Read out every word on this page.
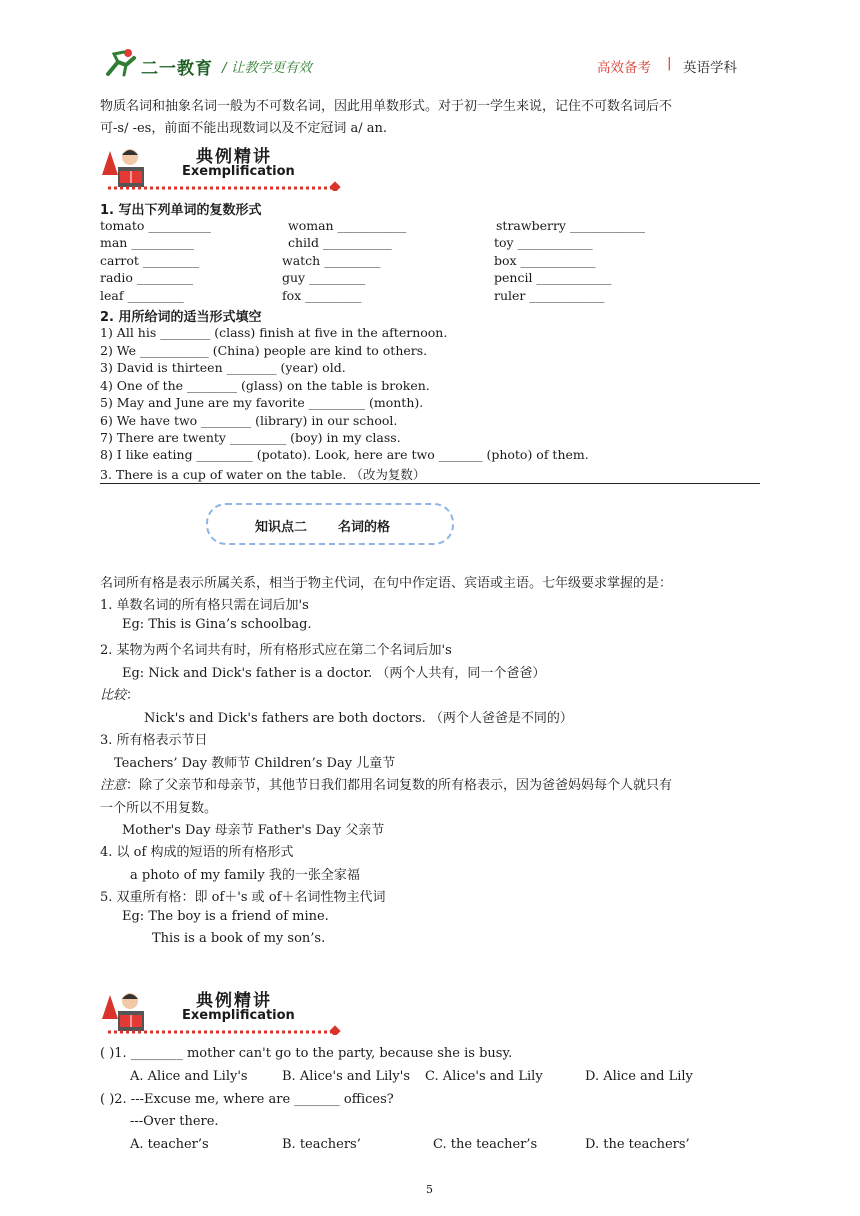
二一教育 / 让教学更有效	高效备考 | 英语学科
物质名词和抽象名词一般为不可数名词，因此用单数形式。对于初一学生来说，记住不可数名词后不
可-s/ -es，前面不能出现数词以及不定冠词 a/ an.
典例精讲
Exemplification
1. 写出下列单词的复数形式
tomato __________	woman ___________	strawberry ____________
man __________	child ___________	toy ____________
carrot _________	watch _________	box ____________
radio _________	guy _________	pencil ____________
leaf _________	fox _________	ruler ____________
2. 用所给词的适当形式填空
1) All his ________ (class) finish at five in the afternoon.
2) We ___________ (China) people are kind to others.
3) David is thirteen ________ (year) old.
4) One of the ________ (glass) on the table is broken.
5) May and June are my favorite _________ (month).
6) We have two ________ (library) in our school.
7) There are twenty _________ (boy) in my class.
8) I like eating _________ (potato). Look, here are two _______ (photo) of them.
3. There is a cup of water on the table. （改为复数）
知识点二 名词的格
名词所有格是表示所属关系，相当于物主代词，在句中作定语、宾语或主语。七年级要求掌握的是：
1. 单数名词的所有格只需在词后加's
Eg: This is Gina’s schoolbag.
2. 某物为两个名词共有时，所有格形式应在第二个名词后加's
Eg: Nick and Dick's father is a doctor. （两个人共有，同一个爸爸）
比较：
Nick's and Dick's fathers are both doctors. （两个人爸爸是不同的）
3. 所有格表示节日
Teachers’ Day 教师节 Children’s Day 儿童节
注意：除了父亲节和母亲节，其他节日我们都用名词复数的所有格表示，因为爸爸妈妈每个人就只有
一个所以不用复数。
Mother's Day 母亲节 Father's Day 父亲节
4. 以 of 构成的短语的所有格形式
a photo of my family 我的一张全家福
5. 双重所有格：即 of＋'s 或 of＋名词性物主代词
Eg: The boy is a friend of mine.
This is a book of my son’s.
典例精讲
Exemplification
( )1. ________ mother can't go to the party, because she is busy.
A. Alice and Lily's	B. Alice's and Lily's C. Alice's and Lily	D. Alice and Lily
( )2. ---Excuse me, where are _______ offices?
---Over there.
A. teacher’s	B. teachers’	C. the teacher’s	D. the teachers’
5
